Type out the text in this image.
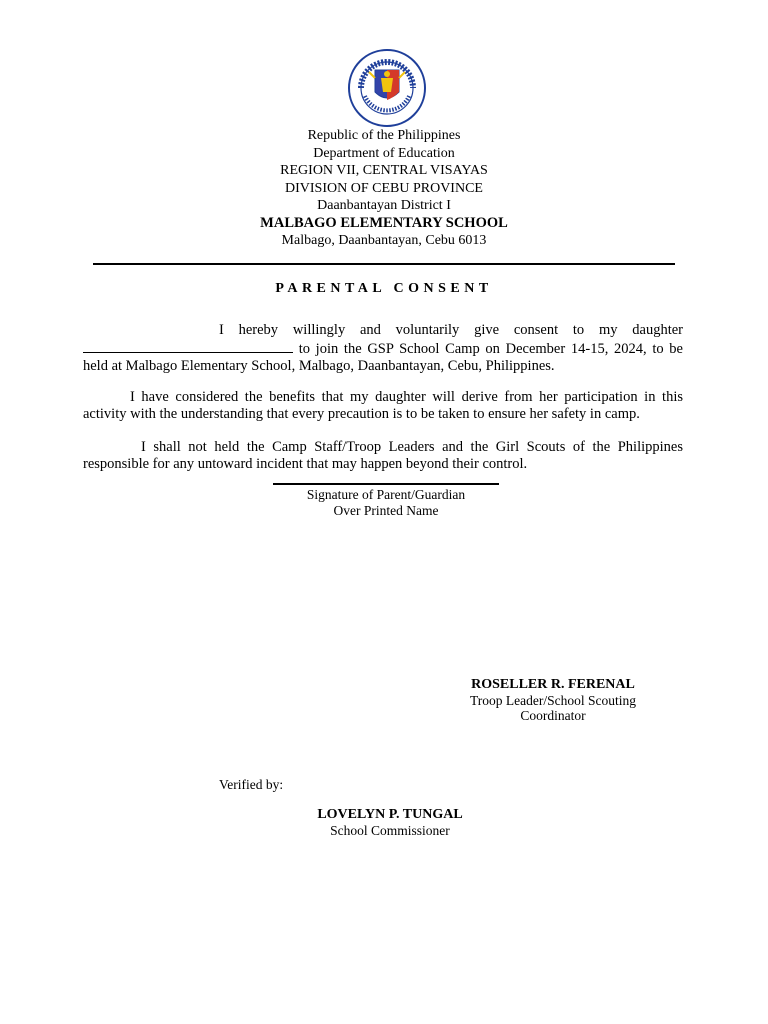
Republic of the Philippines
Department of Education
REGION VII, CENTRAL VISAYAS
DIVISION OF CEBU PROVINCE
Daanbantayan District I
MALBAGO ELEMENTARY SCHOOL
Malbago, Daanbantayan, Cebu 6013
PARENTAL CONSENT
I hereby willingly and voluntarily give consent to my daughter  to join the GSP School Camp on December 14-15, 2024, to be held at Malbago Elementary School, Malbago, Daanbantayan, Cebu, Philippines.
I have considered the benefits that my daughter will derive from her participation in this activity with the understanding that every precaution is to be taken to ensure her safety in camp.
I shall not held the Camp Staff/Troop Leaders and the Girl Scouts of the Philippines responsible for any untoward incident that may happen beyond their control.
Signature of Parent/Guardian
Over Printed Name
ROSELLER R. FERENAL
Troop Leader/School Scouting
Coordinator
Verified by:
LOVELYN P. TUNGAL
School Commissioner
